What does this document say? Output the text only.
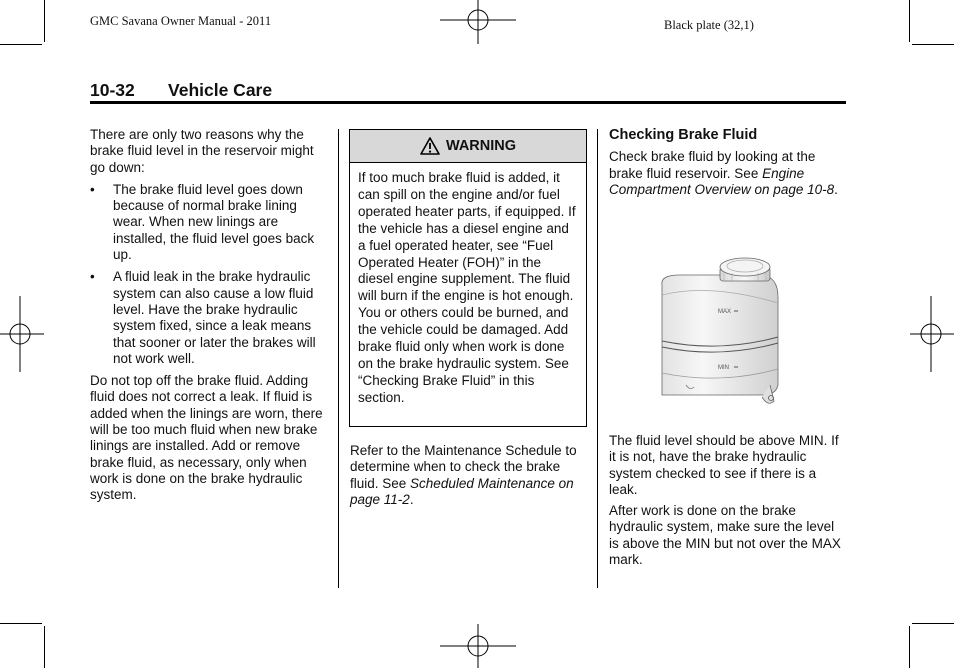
GMC Savana Owner Manual - 2011	Black plate (32,1)
10-32 Vehicle Care

There are only two reasons why the brake fluid level in the reservoir might go down:

• The brake fluid level goes down because of normal brake lining wear. When new linings are installed, the fluid level goes back up.
• A fluid leak in the brake hydraulic system can also cause a low fluid level. Have the brake hydraulic system fixed, since a leak means that sooner or later the brakes will not work well.

Do not top off the brake fluid. Adding fluid does not correct a leak. If fluid is added when the linings are worn, there will be too much fluid when new brake linings are installed. Add or remove brake fluid, as necessary, only when work is done on the brake hydraulic system.

WARNING
If too much brake fluid is added, it can spill on the engine and/or fuel operated heater parts, if equipped. If the vehicle has a diesel engine and a fuel operated heater, see “Fuel Operated Heater (FOH)” in the diesel engine supplement. The fluid will burn if the engine is hot enough. You or others could be burned, and the vehicle could be damaged. Add brake fluid only when work is done on the brake hydraulic system. See “Checking Brake Fluid” in this section.

Refer to the Maintenance Schedule to determine when to check the brake fluid. See Scheduled Maintenance on page 11-2.

Checking Brake Fluid

Check brake fluid by looking at the brake fluid reservoir. See Engine Compartment Overview on page 10-8.

MAX
MIN

The fluid level should be above MIN. If it is not, have the brake hydraulic system checked to see if there is a leak.

After work is done on the brake hydraulic system, make sure the level is above the MIN but not over the MAX mark.
